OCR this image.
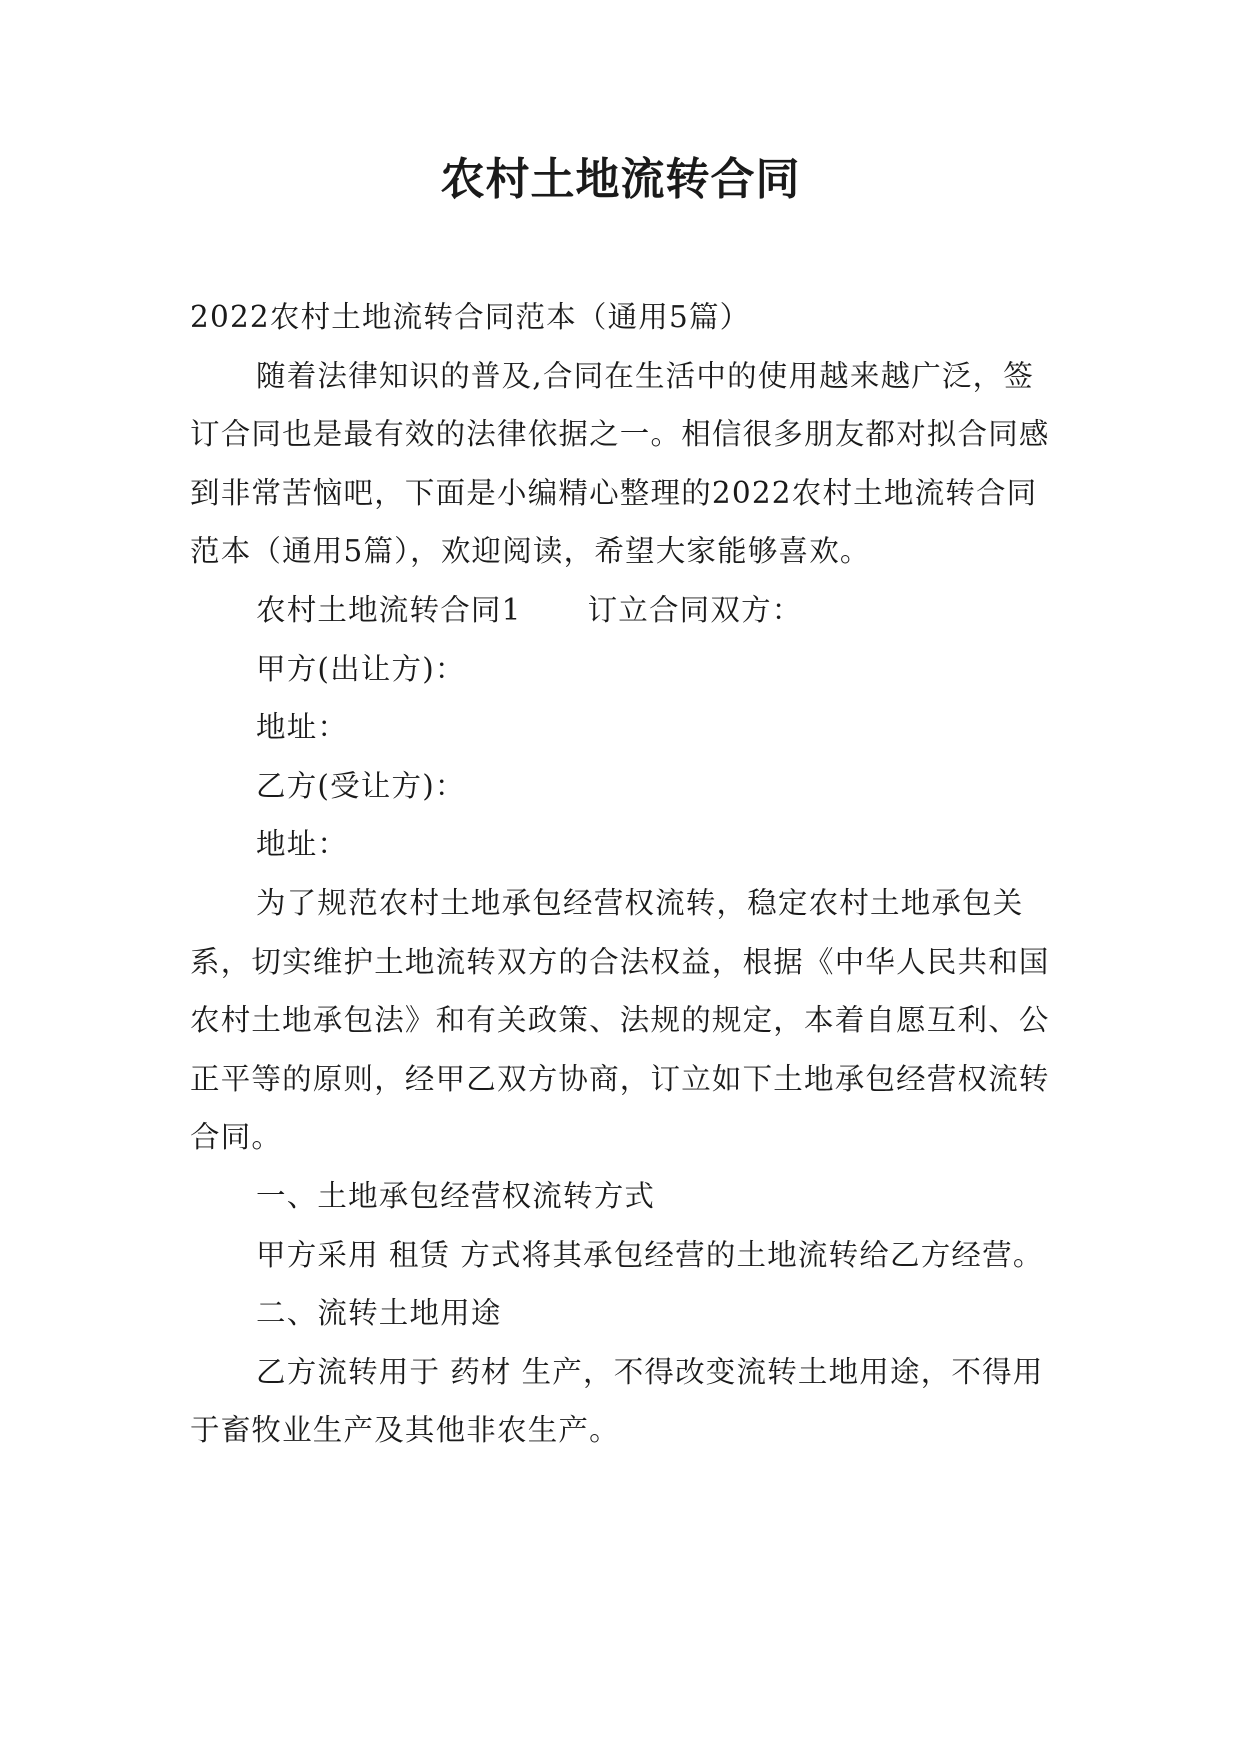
农村土地流转合同

2022农村土地流转合同范本（通用5篇）

随着法律知识的普及,合同在生活中的使用越来越广泛，签订合同也是最有效的法律依据之一。相信很多朋友都对拟合同感到非常苦恼吧，下面是小编精心整理的2022农村土地流转合同范本（通用5篇），欢迎阅读，希望大家能够喜欢。

农村土地流转合同1 订立合同双方：

甲方(出让方)：

地址：

乙方(受让方)：

地址：

为了规范农村土地承包经营权流转，稳定农村土地承包关系，切实维护土地流转双方的合法权益，根据《中华人民共和国农村土地承包法》和有关政策、法规的规定，本着自愿互利、公正平等的原则，经甲乙双方协商，订立如下土地承包经营权流转合同。

一、土地承包经营权流转方式

甲方采用 租赁 方式将其承包经营的土地流转给乙方经营。

二、流转土地用途

乙方流转用于 药材 生产，不得改变流转土地用途，不得用于畜牧业生产及其他非农生产。
